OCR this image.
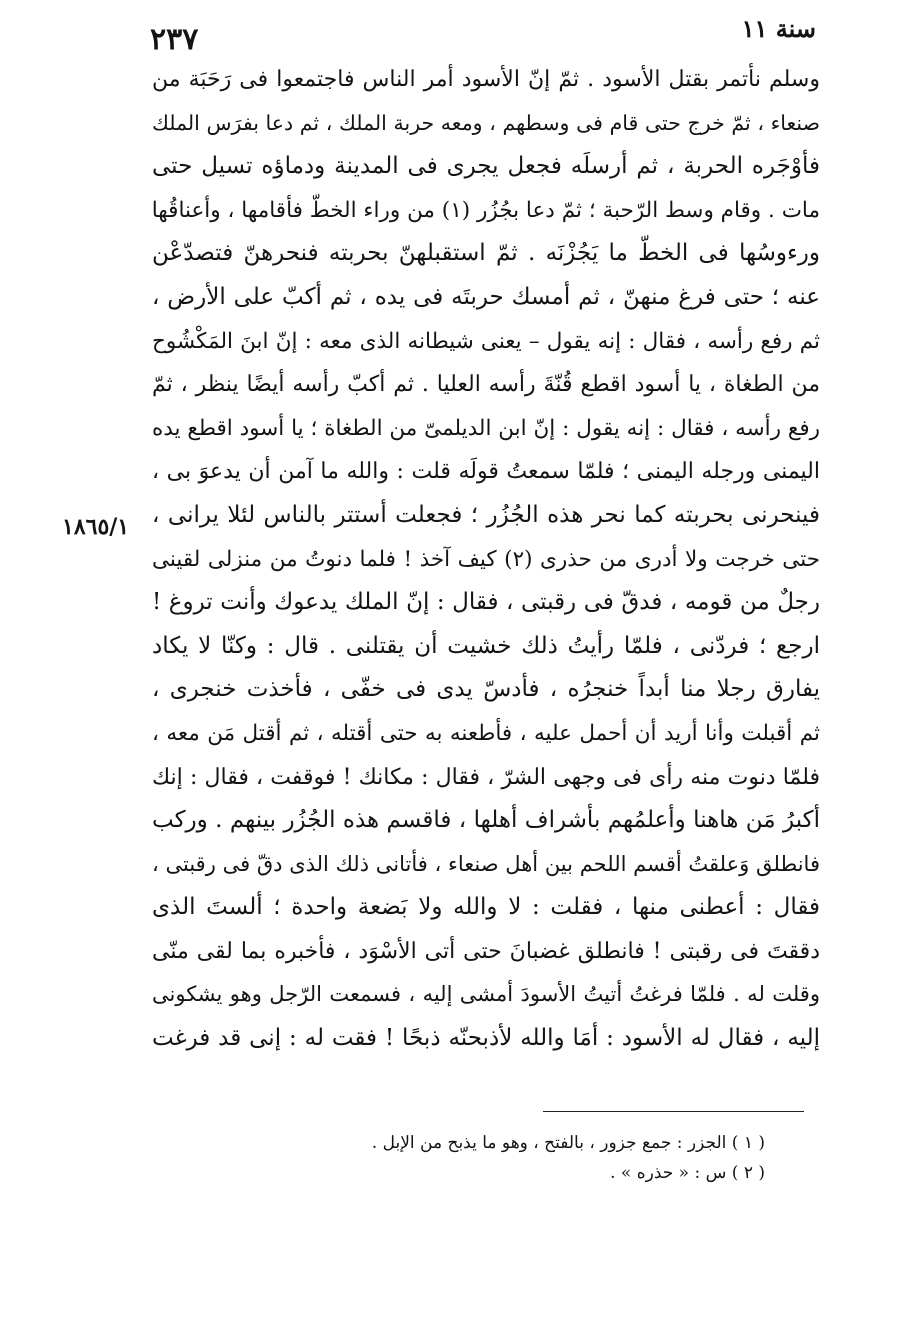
٢٣٧	سنة ١١
١٨٦٥/١
وسلم نأتمر بقتل الأسود . ثمّ إنّ الأسود أمر الناس فاجتمعوا فى رَحَبَة من
صنعاء ، ثمّ خرج حتى قام فى وسطهم ، ومعه حربة الملك ، ثم دعا بفرَس الملك
فأوْجَره الحربة ، ثم أرسلَه فجعل يجرى فى المدينة ودماؤه تسيل حتى
مات . وقام وسط الرّحبة ؛ ثمّ دعا بجُزُر (١) من وراء الخطّ فأقامها ، وأعناقُها
ورءوسُها فى الخطّ ما يَجُزْنَه . ثمّ استقبلهنّ بحربته فنحرهنّ فتصدّعْن
عنه ؛ حتى فرغ منهنّ ، ثم أمسك حربتَه فى يده ، ثم أكبّ على الأرض ،
ثم رفع رأسه ، فقال : إنه يقول – يعنى شيطانه الذى معه : إنّ ابنَ المَكْشُوح
من الطغاة ، يا أسود اقطع قُنّةَ رأسه العليا . ثم أكبّ رأسه أيضًا ينظر ، ثمّ
رفع رأسه ، فقال : إنه يقول : إنّ ابن الديلمىّ من الطغاة ؛ يا أسود اقطع يده
اليمنى ورجله اليمنى ؛ فلمّا سمعتُ قولَه قلت : والله ما آمن أن يدعوَ بى ،
فينحرنى بحربته كما نحر هذه الجُزُر ؛ فجعلت أستتر بالناس لئلا يرانى ،
حتى خرجت ولا أدرى من حذرى (٢) كيف آخذ ! فلما دنوتُ من منزلى لقينى
رجلٌ من قومه ، فدقّ فى رقبتى ، فقال : إنّ الملك يدعوك وأنت تروغ !
ارجع ؛ فردّنى ، فلمّا رأيتُ ذلك خشيت أن يقتلنى . قال : وكنّا لا يكاد
يفارق رجلا منا أبداً خنجرُه ، فأدسّ يدى فى خفّى ، فأخذت خنجرى ،
ثم أقبلت وأنا أريد أن أحمل عليه ، فأطعنه به حتى أقتله ، ثم أقتل مَن معه ،
فلمّا دنوت منه رأى فى وجهى الشرّ ، فقال : مكانك ! فوقفت ، فقال : إنك
أكبرُ مَن هاهنا وأعلمُهم بأشراف أهلها ، فاقسم هذه الجُزُر بينهم . وركب
فانطلق وَعلقتُ أقسم اللحم بين أهل صنعاء ، فأتانى ذلك الذى دقّ فى رقبتى ،
فقال : أعطنى منها ، فقلت : لا والله ولا بَضعة واحدة ؛ ألستَ الذى
دققتَ فى رقبتى ! فانطلق غضبانَ حتى أتى الأسْوَد ، فأخبره بما لقى منّى
وقلت له . فلمّا فرغتُ أتيتُ الأسودَ أمشى إليه ، فسمعت الرّجل وهو يشكونى
إليه ، فقال له الأسود : أمَا والله لأذبحنّه ذبحًا ! فقت له : إنى قد فرغت
( ١ ) الجزر : جمع جزور ، بالفتح ، وهو ما يذبح من الإبل .
( ٢ ) س : « حذره » .
